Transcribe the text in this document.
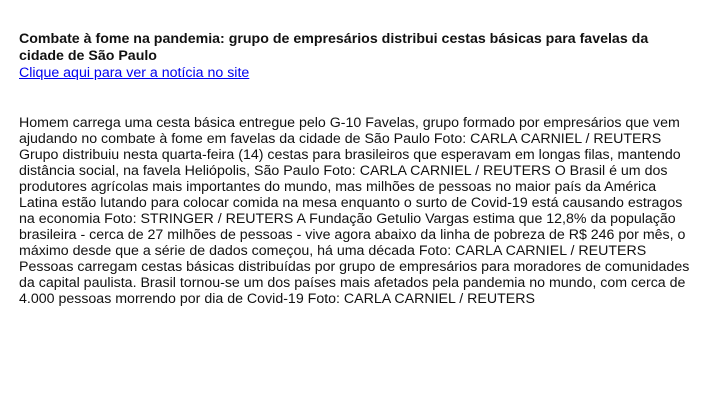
Combate à fome na pandemia: grupo de empresários distribui cestas básicas para favelas da cidade de São Paulo
Clique aqui para ver a notícia no site

Homem carrega uma cesta básica entregue pelo G-10 Favelas, grupo formado por empresários que vem ajudando no combate à fome em favelas da cidade de São Paulo Foto: CARLA CARNIEL / REUTERS Grupo distribuiu nesta quarta-feira (14) cestas para brasileiros que esperavam em longas filas, mantendo distância social, na favela Heliópolis, São Paulo Foto: CARLA CARNIEL / REUTERS O Brasil é um dos produtores agrícolas mais importantes do mundo, mas milhões de pessoas no maior país da América Latina estão lutando para colocar comida na mesa enquanto o surto de Covid-19 está causando estragos na economia Foto: STRINGER / REUTERS A Fundação Getulio Vargas estima que 12,8% da população brasileira - cerca de 27 milhões de pessoas - vive agora abaixo da linha de pobreza de R$ 246 por mês, o máximo desde que a série de dados começou, há uma década Foto: CARLA CARNIEL / REUTERS Pessoas carregam cestas básicas distribuídas por grupo de empresários para moradores de comunidades da capital paulista. Brasil tornou-se um dos países mais afetados pela pandemia no mundo, com cerca de 4.000 pessoas morrendo por dia de Covid-19 Foto: CARLA CARNIEL / REUTERS
